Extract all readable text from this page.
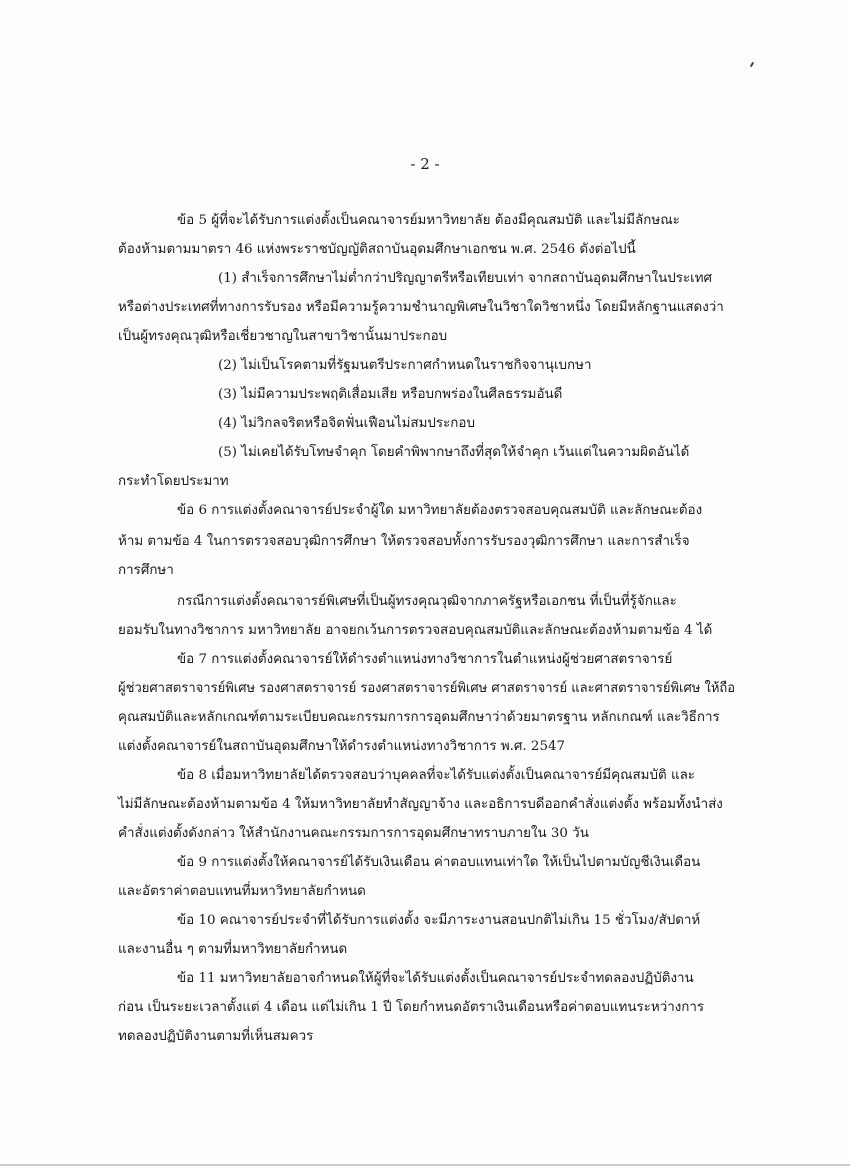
- 2 -
ข้อ 5 ผู้ที่จะได้รับการแต่งตั้งเป็นคณาจารย์มหาวิทยาลัย ต้องมีคุณสมบัติ และไม่มีลักษณะ
ต้องห้ามตามมาตรา 46 แห่งพระราชบัญญัติสถาบันอุดมศึกษาเอกชน พ.ศ. 2546 ดังต่อไปนี้
(1) สำเร็จการศึกษาไม่ต่ำกว่าปริญญาตรีหรือเทียบเท่า จากสถาบันอุดมศึกษาในประเทศ
หรือต่างประเทศที่ทางการรับรอง หรือมีความรู้ความชำนาญพิเศษในวิชาใดวิชาหนึ่ง โดยมีหลักฐานแสดงว่า
เป็นผู้ทรงคุณวุฒิหรือเชี่ยวชาญในสาขาวิชานั้นมาประกอบ
(2) ไม่เป็นโรคตามที่รัฐมนตรีประกาศกำหนดในราชกิจจานุเบกษา
(3) ไม่มีความประพฤติเสื่อมเสีย หรือบกพร่องในศีลธรรมอันดี
(4) ไม่วิกลจริตหรือจิตฟั่นเฟือนไม่สมประกอบ
(5) ไม่เคยได้รับโทษจำคุก โดยคำพิพากษาถึงที่สุดให้จำคุก เว้นแต่ในความผิดอันได้
กระทำโดยประมาท
ข้อ 6 การแต่งตั้งคณาจารย์ประจำผู้ใด มหาวิทยาลัยต้องตรวจสอบคุณสมบัติ และลักษณะต้อง
ห้าม ตามข้อ 4 ในการตรวจสอบวุฒิการศึกษา ให้ตรวจสอบทั้งการรับรองวุฒิการศึกษา และการสำเร็จ
การศึกษา
กรณีการแต่งตั้งคณาจารย์พิเศษที่เป็นผู้ทรงคุณวุฒิจากภาครัฐหรือเอกชน ที่เป็นที่รู้จักและ
ยอมรับในทางวิชาการ มหาวิทยาลัย อาจยกเว้นการตรวจสอบคุณสมบัติและลักษณะต้องห้ามตามข้อ 4 ได้
ข้อ 7 การแต่งตั้งคณาจารย์ให้ดำรงตำแหน่งทางวิชาการในตำแหน่งผู้ช่วยศาสตราจารย์
ผู้ช่วยศาสตราจารย์พิเศษ รองศาสตราจารย์ รองศาสตราจารย์พิเศษ ศาสตราจารย์ และศาสตราจารย์พิเศษ ให้ถือ
คุณสมบัติและหลักเกณฑ์ตามระเบียบคณะกรรมการการอุดมศึกษาว่าด้วยมาตรฐาน หลักเกณฑ์ และวิธีการ
แต่งตั้งคณาจารย์ในสถาบันอุดมศึกษาให้ดำรงตำแหน่งทางวิชาการ พ.ศ. 2547
ข้อ 8 เมื่อมหาวิทยาลัยได้ตรวจสอบว่าบุคคลที่จะได้รับแต่งตั้งเป็นคณาจารย์มีคุณสมบัติ และ
ไม่มีลักษณะต้องห้ามตามข้อ 4 ให้มหาวิทยาลัยทำสัญญาจ้าง และอธิการบดีออกคำสั่งแต่งตั้ง พร้อมทั้งนำส่ง
คำสั่งแต่งตั้งดังกล่าว ให้สำนักงานคณะกรรมการการอุดมศึกษาทราบภายใน 30 วัน
ข้อ 9 การแต่งตั้งให้คณาจารย์ได้รับเงินเดือน ค่าตอบแทนเท่าใด ให้เป็นไปตามบัญชีเงินเดือน
และอัตราค่าตอบแทนที่มหาวิทยาลัยกำหนด
ข้อ 10 คณาจารย์ประจำที่ได้รับการแต่งตั้ง จะมีภาระงานสอนปกติไม่เกิน 15 ชั่วโมง/สัปดาห์
และงานอื่น ๆ ตามที่มหาวิทยาลัยกำหนด
ข้อ 11 มหาวิทยาลัยอาจกำหนดให้ผู้ที่จะได้รับแต่งตั้งเป็นคณาจารย์ประจำทดลองปฏิบัติงาน
ก่อน เป็นระยะเวลาตั้งแต่ 4 เดือน แต่ไม่เกิน 1 ปี โดยกำหนดอัตราเงินเดือนหรือค่าตอบแทนระหว่างการ
ทดลองปฏิบัติงานตามที่เห็นสมควร
